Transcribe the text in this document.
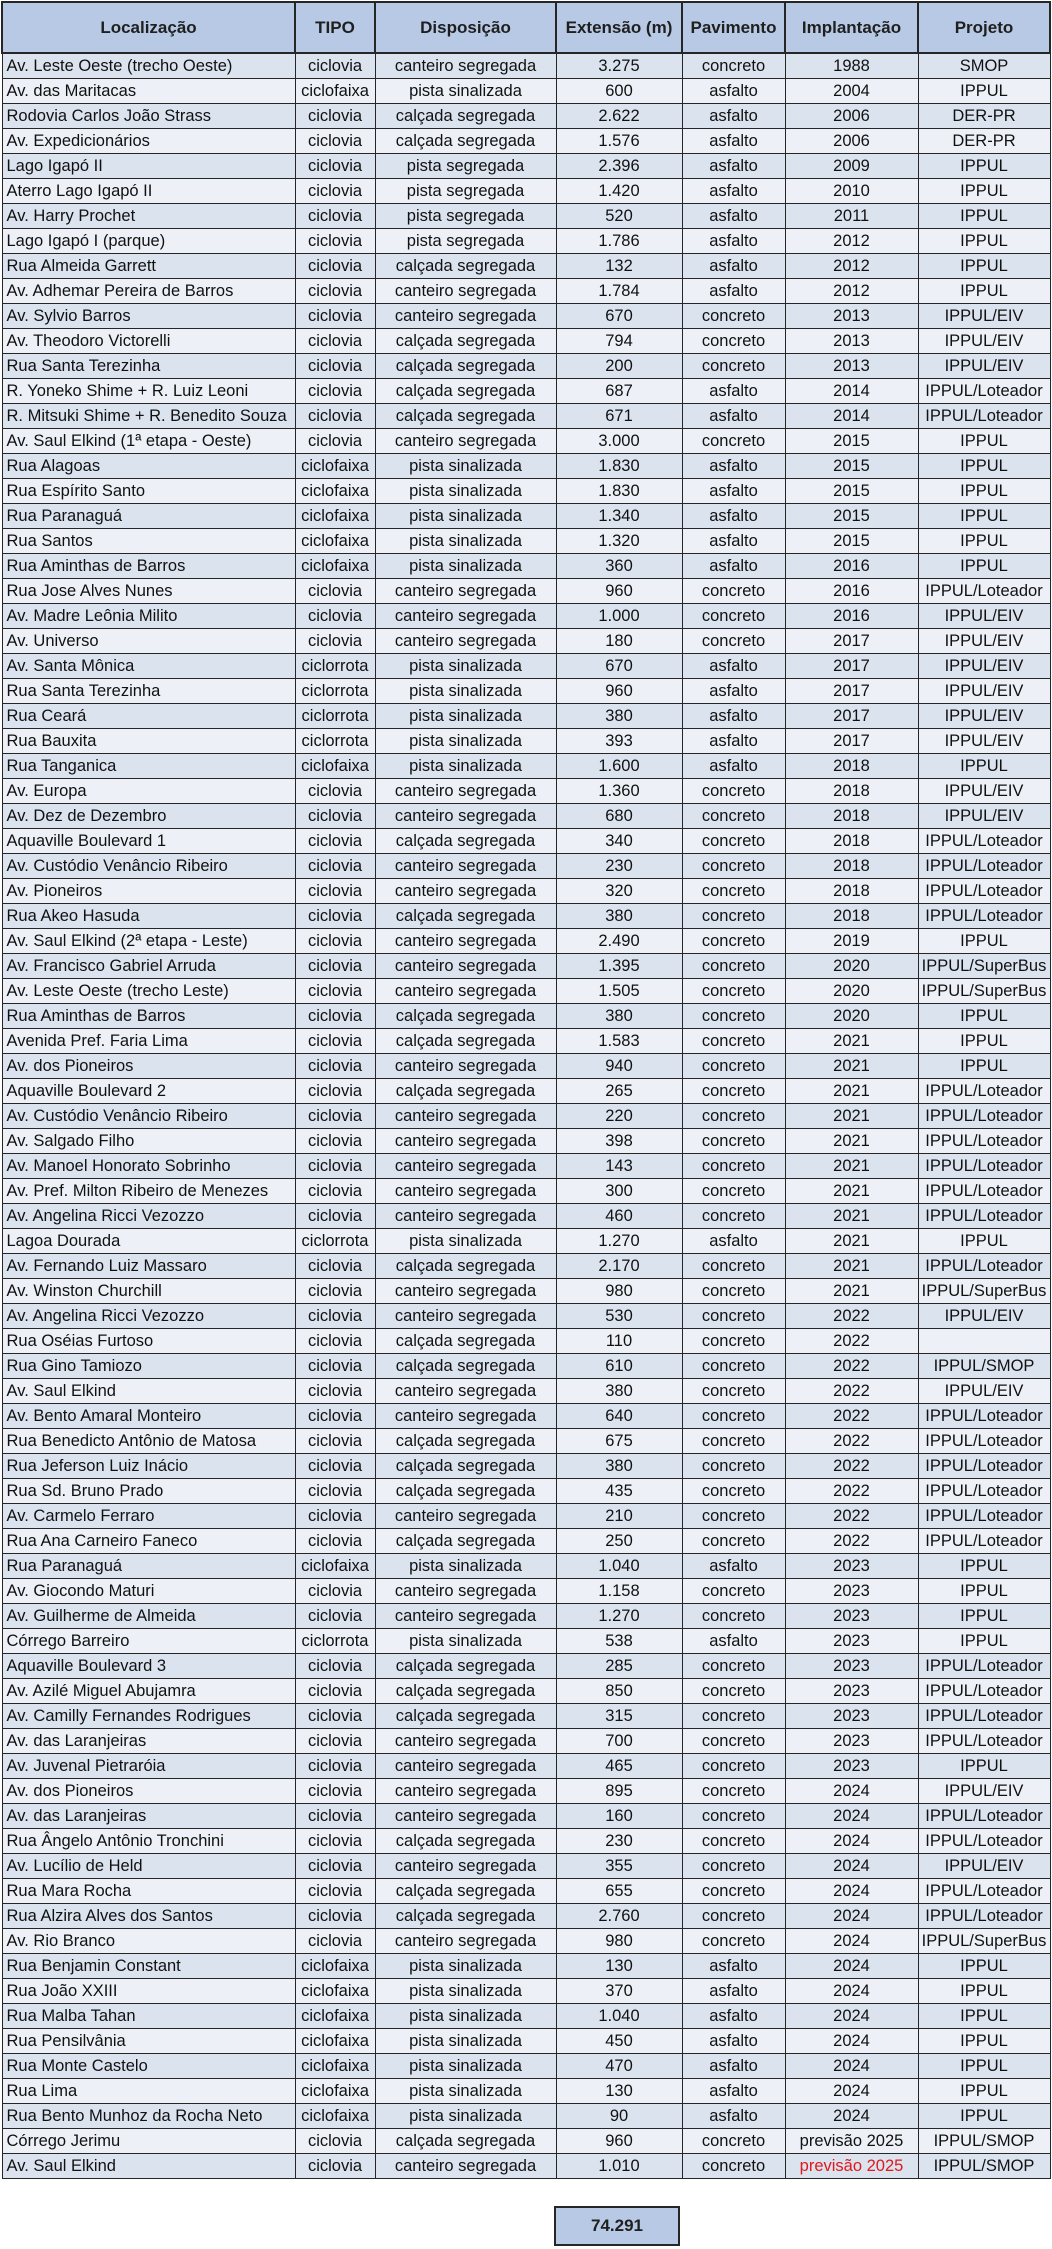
Localização	TIPO	Disposição	Extensão (m)	Pavimento	Implantação	Projeto
Av. Leste Oeste (trecho Oeste)	ciclovia	canteiro segregada	3.275	concreto	1988	SMOP
Av. das Maritacas	ciclofaixa	pista sinalizada	600	asfalto	2004	IPPUL
Rodovia Carlos João Strass	ciclovia	calçada segregada	2.622	asfalto	2006	DER-PR
Av. Expedicionários	ciclovia	calçada segregada	1.576	asfalto	2006	DER-PR
Lago Igapó II	ciclovia	pista segregada	2.396	asfalto	2009	IPPUL
Aterro Lago Igapó II	ciclovia	pista segregada	1.420	asfalto	2010	IPPUL
Av. Harry Prochet	ciclovia	pista segregada	520	asfalto	2011	IPPUL
Lago Igapó I (parque)	ciclovia	pista segregada	1.786	asfalto	2012	IPPUL
Rua Almeida Garrett	ciclovia	calçada segregada	132	asfalto	2012	IPPUL
Av. Adhemar Pereira de Barros	ciclovia	canteiro segregada	1.784	asfalto	2012	IPPUL
Av. Sylvio Barros	ciclovia	canteiro segregada	670	concreto	2013	IPPUL/EIV
Av. Theodoro Victorelli	ciclovia	calçada segregada	794	concreto	2013	IPPUL/EIV
Rua Santa Terezinha	ciclovia	calçada segregada	200	concreto	2013	IPPUL/EIV
R. Yoneko Shime + R. Luiz Leoni	ciclovia	calçada segregada	687	asfalto	2014	IPPUL/Loteador
R. Mitsuki Shime + R. Benedito Souza	ciclovia	calçada segregada	671	asfalto	2014	IPPUL/Loteador
Av. Saul Elkind (1ª etapa - Oeste)	ciclovia	canteiro segregada	3.000	concreto	2015	IPPUL
Rua Alagoas	ciclofaixa	pista sinalizada	1.830	asfalto	2015	IPPUL
Rua Espírito Santo	ciclofaixa	pista sinalizada	1.830	asfalto	2015	IPPUL
Rua Paranaguá	ciclofaixa	pista sinalizada	1.340	asfalto	2015	IPPUL
Rua Santos	ciclofaixa	pista sinalizada	1.320	asfalto	2015	IPPUL
Rua Aminthas de Barros	ciclofaixa	pista sinalizada	360	asfalto	2016	IPPUL
Rua Jose Alves Nunes	ciclovia	canteiro segregada	960	concreto	2016	IPPUL/Loteador
Av. Madre Leônia Milito	ciclovia	canteiro segregada	1.000	concreto	2016	IPPUL/EIV
Av. Universo	ciclovia	canteiro segregada	180	concreto	2017	IPPUL/EIV
Av. Santa Mônica	ciclorrota	pista sinalizada	670	asfalto	2017	IPPUL/EIV
Rua Santa Terezinha	ciclorrota	pista sinalizada	960	asfalto	2017	IPPUL/EIV
Rua Ceará	ciclorrota	pista sinalizada	380	asfalto	2017	IPPUL/EIV
Rua Bauxita	ciclorrota	pista sinalizada	393	asfalto	2017	IPPUL/EIV
Rua Tanganica	ciclofaixa	pista sinalizada	1.600	asfalto	2018	IPPUL
Av. Europa	ciclovia	canteiro segregada	1.360	concreto	2018	IPPUL/EIV
Av. Dez de Dezembro	ciclovia	canteiro segregada	680	concreto	2018	IPPUL/EIV
Aquaville Boulevard 1	ciclovia	calçada segregada	340	concreto	2018	IPPUL/Loteador
Av. Custódio Venâncio Ribeiro	ciclovia	canteiro segregada	230	concreto	2018	IPPUL/Loteador
Av. Pioneiros	ciclovia	canteiro segregada	320	concreto	2018	IPPUL/Loteador
Rua Akeo Hasuda	ciclovia	calçada segregada	380	concreto	2018	IPPUL/Loteador
Av. Saul Elkind (2ª etapa - Leste)	ciclovia	canteiro segregada	2.490	concreto	2019	IPPUL
Av. Francisco Gabriel Arruda	ciclovia	canteiro segregada	1.395	concreto	2020	IPPUL/SuperBus
Av. Leste Oeste (trecho Leste)	ciclovia	canteiro segregada	1.505	concreto	2020	IPPUL/SuperBus
Rua Aminthas de Barros	ciclovia	calçada segregada	380	concreto	2020	IPPUL
Avenida Pref. Faria Lima	ciclovia	calçada segregada	1.583	concreto	2021	IPPUL
Av. dos Pioneiros	ciclovia	canteiro segregada	940	concreto	2021	IPPUL
Aquaville Boulevard 2	ciclovia	calçada segregada	265	concreto	2021	IPPUL/Loteador
Av. Custódio Venâncio Ribeiro	ciclovia	canteiro segregada	220	concreto	2021	IPPUL/Loteador
Av. Salgado Filho	ciclovia	canteiro segregada	398	concreto	2021	IPPUL/Loteador
Av. Manoel Honorato Sobrinho	ciclovia	canteiro segregada	143	concreto	2021	IPPUL/Loteador
Av. Pref. Milton Ribeiro de Menezes	ciclovia	canteiro segregada	300	concreto	2021	IPPUL/Loteador
Av. Angelina Ricci Vezozzo	ciclovia	canteiro segregada	460	concreto	2021	IPPUL/Loteador
Lagoa Dourada	ciclorrota	pista sinalizada	1.270	asfalto	2021	IPPUL
Av. Fernando Luiz Massaro	ciclovia	calçada segregada	2.170	concreto	2021	IPPUL/Loteador
Av. Winston Churchill	ciclovia	canteiro segregada	980	concreto	2021	IPPUL/SuperBus
Av. Angelina Ricci Vezozzo	ciclovia	canteiro segregada	530	concreto	2022	IPPUL/EIV
Rua Oséias Furtoso	ciclovia	calçada segregada	110	concreto	2022	
Rua Gino Tamiozo	ciclovia	calçada segregada	610	concreto	2022	IPPUL/SMOP
Av. Saul Elkind	ciclovia	canteiro segregada	380	concreto	2022	IPPUL/EIV
Av. Bento Amaral Monteiro	ciclovia	canteiro segregada	640	concreto	2022	IPPUL/Loteador
Rua Benedicto Antônio de Matosa	ciclovia	calçada segregada	675	concreto	2022	IPPUL/Loteador
Rua Jeferson Luiz Inácio	ciclovia	calçada segregada	380	concreto	2022	IPPUL/Loteador
Rua Sd. Bruno Prado	ciclovia	calçada segregada	435	concreto	2022	IPPUL/Loteador
Av. Carmelo Ferraro	ciclovia	canteiro segregada	210	concreto	2022	IPPUL/Loteador
Rua Ana Carneiro Faneco	ciclovia	calçada segregada	250	concreto	2022	IPPUL/Loteador
Rua Paranaguá	ciclofaixa	pista sinalizada	1.040	asfalto	2023	IPPUL
Av. Giocondo Maturi	ciclovia	canteiro segregada	1.158	concreto	2023	IPPUL
Av. Guilherme de Almeida	ciclovia	canteiro segregada	1.270	concreto	2023	IPPUL
Córrego Barreiro	ciclorrota	pista sinalizada	538	asfalto	2023	IPPUL
Aquaville Boulevard 3	ciclovia	calçada segregada	285	concreto	2023	IPPUL/Loteador
Av. Azilé Miguel Abujamra	ciclovia	calçada segregada	850	concreto	2023	IPPUL/Loteador
Av. Camilly Fernandes Rodrigues	ciclovia	calçada segregada	315	concreto	2023	IPPUL/Loteador
Av. das Laranjeiras	ciclovia	canteiro segregada	700	concreto	2023	IPPUL/Loteador
Av. Juvenal Pietraróia	ciclovia	canteiro segregada	465	concreto	2023	IPPUL
Av. dos Pioneiros	ciclovia	canteiro segregada	895	concreto	2024	IPPUL/EIV
Av. das Laranjeiras	ciclovia	canteiro segregada	160	concreto	2024	IPPUL/Loteador
Rua Ângelo Antônio Tronchini	ciclovia	calçada segregada	230	concreto	2024	IPPUL/Loteador
Av. Lucílio de Held	ciclovia	canteiro segregada	355	concreto	2024	IPPUL/EIV
Rua Mara Rocha	ciclovia	calçada segregada	655	concreto	2024	IPPUL/Loteador
Rua Alzira Alves dos Santos	ciclovia	calçada segregada	2.760	concreto	2024	IPPUL/Loteador
Av. Rio Branco	ciclovia	canteiro segregada	980	concreto	2024	IPPUL/SuperBus
Rua Benjamin Constant	ciclofaixa	pista sinalizada	130	asfalto	2024	IPPUL
Rua João XXIII	ciclofaixa	pista sinalizada	370	asfalto	2024	IPPUL
Rua Malba Tahan	ciclofaixa	pista sinalizada	1.040	asfalto	2024	IPPUL
Rua Pensilvânia	ciclofaixa	pista sinalizada	450	asfalto	2024	IPPUL
Rua Monte Castelo	ciclofaixa	pista sinalizada	470	asfalto	2024	IPPUL
Rua Lima	ciclofaixa	pista sinalizada	130	asfalto	2024	IPPUL
Rua Bento Munhoz da Rocha Neto	ciclofaixa	pista sinalizada	90	asfalto	2024	IPPUL
Córrego Jerimu	ciclovia	calçada segregada	960	concreto	previsão 2025	IPPUL/SMOP
Av. Saul Elkind	ciclovia	canteiro segregada	1.010	concreto	previsão 2025	IPPUL/SMOP
74.291
